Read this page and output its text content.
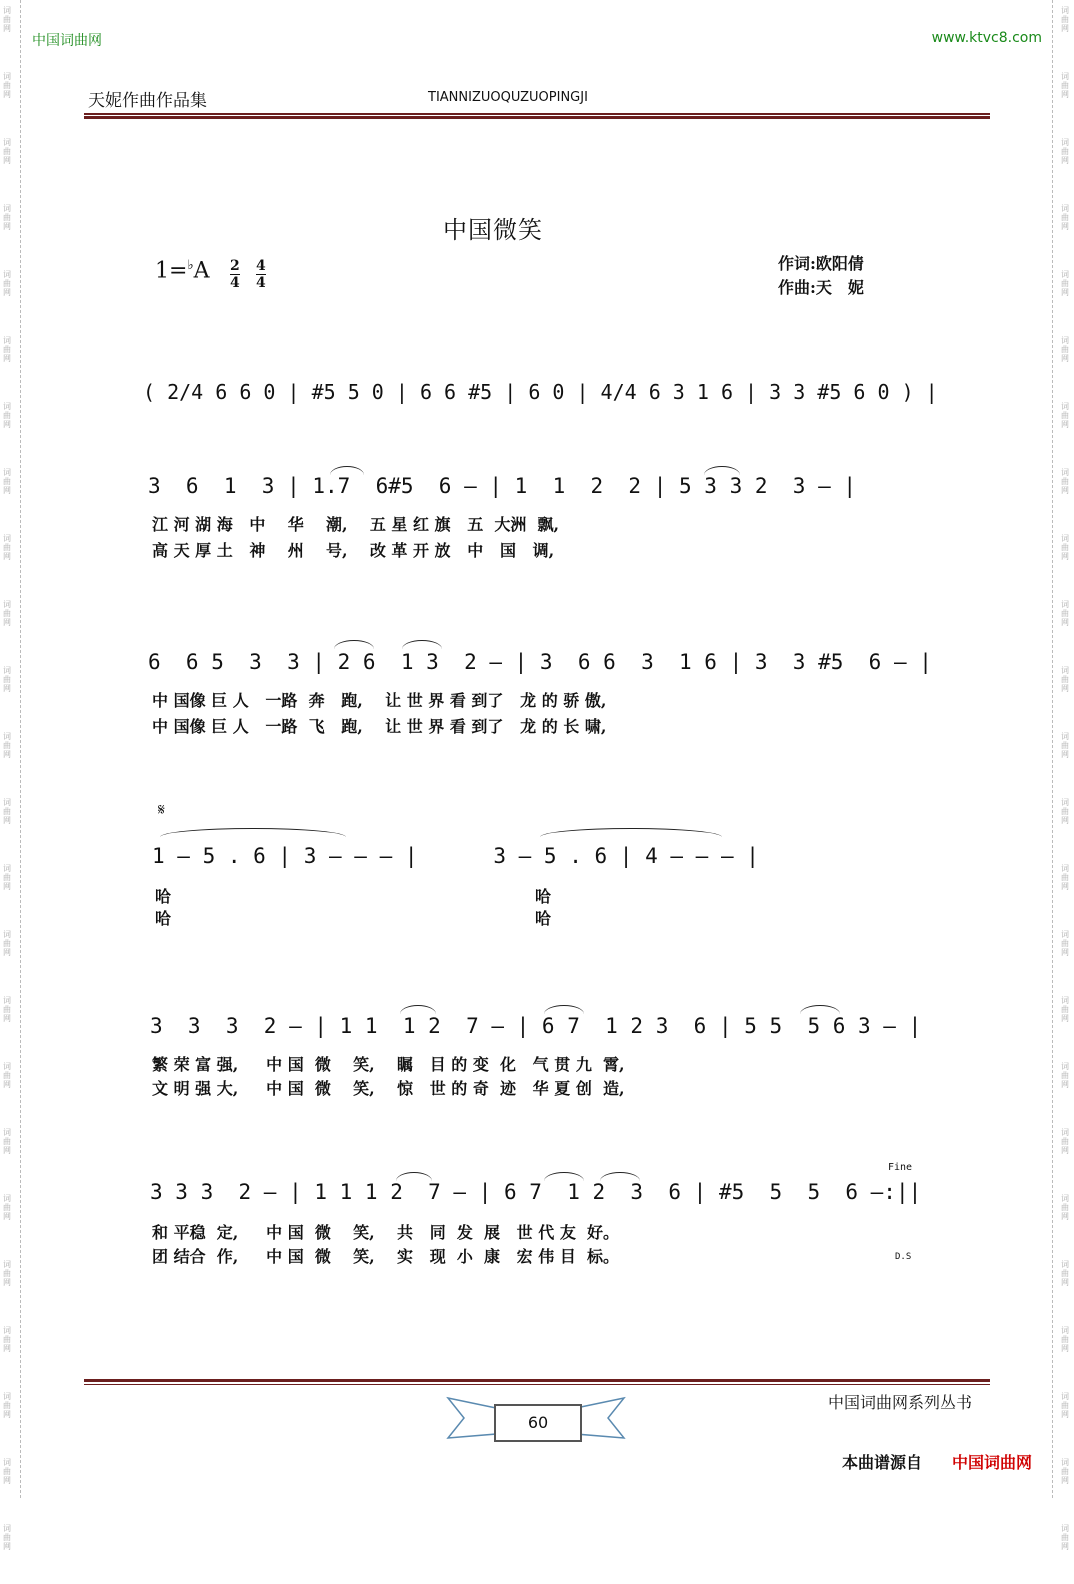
词
曲
网
词
曲
网
词
曲
网
词
曲
网
词
曲
网
词
曲
网
词
曲
网
词
曲
网
词
曲
网
词
曲
网
词
曲
网
词
曲
网
词
曲
网
词
曲
网
词
曲
网
词
曲
网
词
曲
网
词
曲
网
词
曲
网
词
曲
网
词
曲
网
词
曲
网
词
曲
网
词
曲
网
词
曲
网
词
曲
网
词
曲
网
词
曲
网
词
曲
网
词
曲
网
词
曲
网
词
曲
网
词
曲
网
词
曲
网
词
曲
网
词
曲
网
词
曲
网
词
曲
网
词
曲
网
词
曲
网
词
曲
网
词
曲
网
词
曲
网
词
曲
网
词
曲
网
词
曲
网
词
曲
网
词
曲
网
中国词曲网	www.ktvc8.com
天妮作曲作品集	TIANNIZUOQUZUOPINGJI
中国微笑
1=♭A 2
4
4
4
作词:欧阳倩
作曲:天　妮
( 2/4 6 6 0 | #5 5 0 | 6 6 #5 | 6 0 | 4/4 6 3 1 6 | 3 3 #5 6 0 ) |
3  6  1  3 | 1.7  6#5  6 — | 1  1  2  2 | 5 3 3 2  3 — |
江 河 湖 海   中    华    潮,    五 星 红 旗   五  大洲  飘,
高 天 厚 土   神    州    号,    改 革 开 放   中   国   调,
6  6 5  3  3 | 2 6  1 3  2 — | 3  6 6  3  1 6 | 3  3 #5  6 — |
中 国像 巨 人   一路  奔   跑,    让 世 界 看 到了   龙 的 骄 傲,
中 国像 巨 人   一路  飞   跑,    让 世 界 看 到了   龙 的 长 啸,
𝄋
1 — 5 . 6 | 3 — — — |      3 — 5 . 6 | 4 — — — |
哈
哈
哈
哈
3  3  3  2 — | 1 1  1 2  7 — | 6 7  1 2 3  6 | 5 5  5 6 3 — |
繁 荣 富 强,     中 国  微    笑,    瞩   目 的 变  化   气 贯 九  霄,
文 明 强 大,     中 国  微    笑,    惊   世 的 奇  迹   华 夏 创  造,
Fine
3 3 3  2 — | 1 1 1 2  7 — | 6 7  1 2  3  6 | #5  5  5  6 —:||
和 平稳  定,     中 国  微    笑,    共   同  发  展   世 代 友  好。
团 结合  作,     中 国  微    笑,    实   现  小  康   宏 伟 目  标。	D.S
中国词曲网系列丛书
60
本曲谱源自 中国词曲网
